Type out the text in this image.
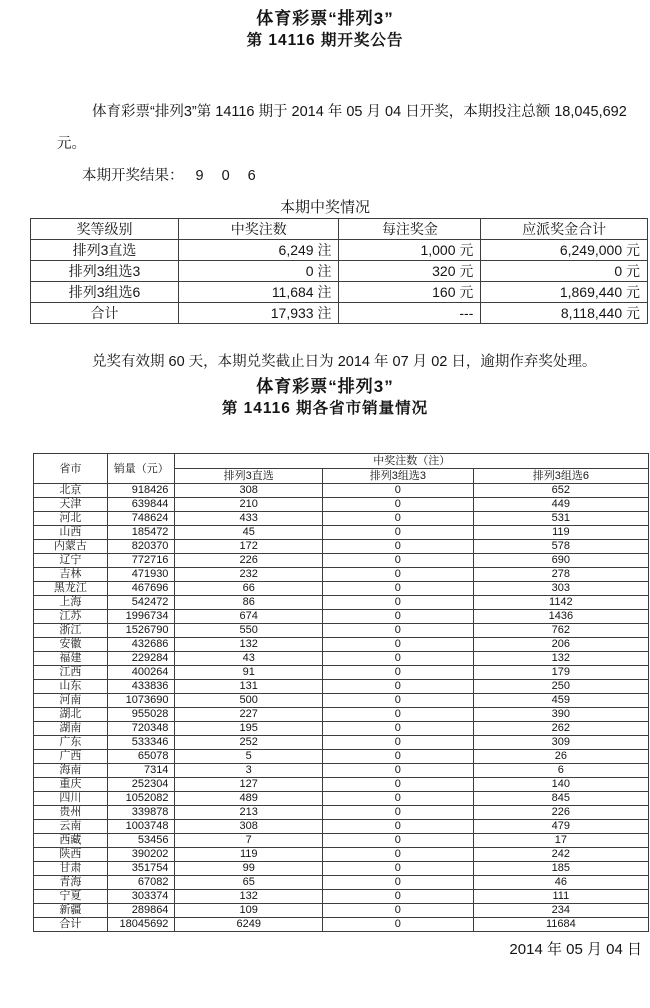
体育彩票“排列3”
第 14116 期开奖公告

体育彩票“排列3”第 14116 期于 2014 年 05 月 04 日开奖，本期投注总额 18,045,692 元。

本期开奖结果： 9 0 6

本期中奖情况
奖等级别	中奖注数	每注奖金	应派奖金合计
排列3直选	6,249 注	1,000 元	6,249,000 元
排列3组选3	0 注	320 元	0 元
排列3组选6	11,684 注	160 元	1,869,440 元
合计	17,933 注	---	8,118,440 元

兑奖有效期 60 天，本期兑奖截止日为 2014 年 07 月 02 日，逾期作弃奖处理。

体育彩票“排列3”
第 14116 期各省市销量情况
省市	销量（元）	中奖注数（注）		
		排列3直选	排列3组选3	排列3组选6
北京	918426	308	0	652
天津	639844	210	0	449
河北	748624	433	0	531
山西	185472	45	0	119
内蒙古	820370	172	0	578
辽宁	772716	226	0	690
吉林	471930	232	0	278
黑龙江	467696	66	0	303
上海	542472	86	0	1142
江苏	1996734	674	0	1436
浙江	1526790	550	0	762
安徽	432686	132	0	206
福建	229284	43	0	132
江西	400264	91	0	179
山东	433836	131	0	250
河南	1073690	500	0	459
湖北	955028	227	0	390
湖南	720348	195	0	262
广东	533346	252	0	309
广西	65078	5	0	26
海南	7314	3	0	6
重庆	252304	127	0	140
四川	1052082	489	0	845
贵州	339878	213	0	226
云南	1003748	308	0	479
西藏	53456	7	0	17
陕西	390202	119	0	242
甘肃	351754	99	0	185
青海	67082	65	0	46
宁夏	303374	132	0	111
新疆	289864	109	0	234
合计	18045692	6249	0	11684
2014 年 05 月 04 日
